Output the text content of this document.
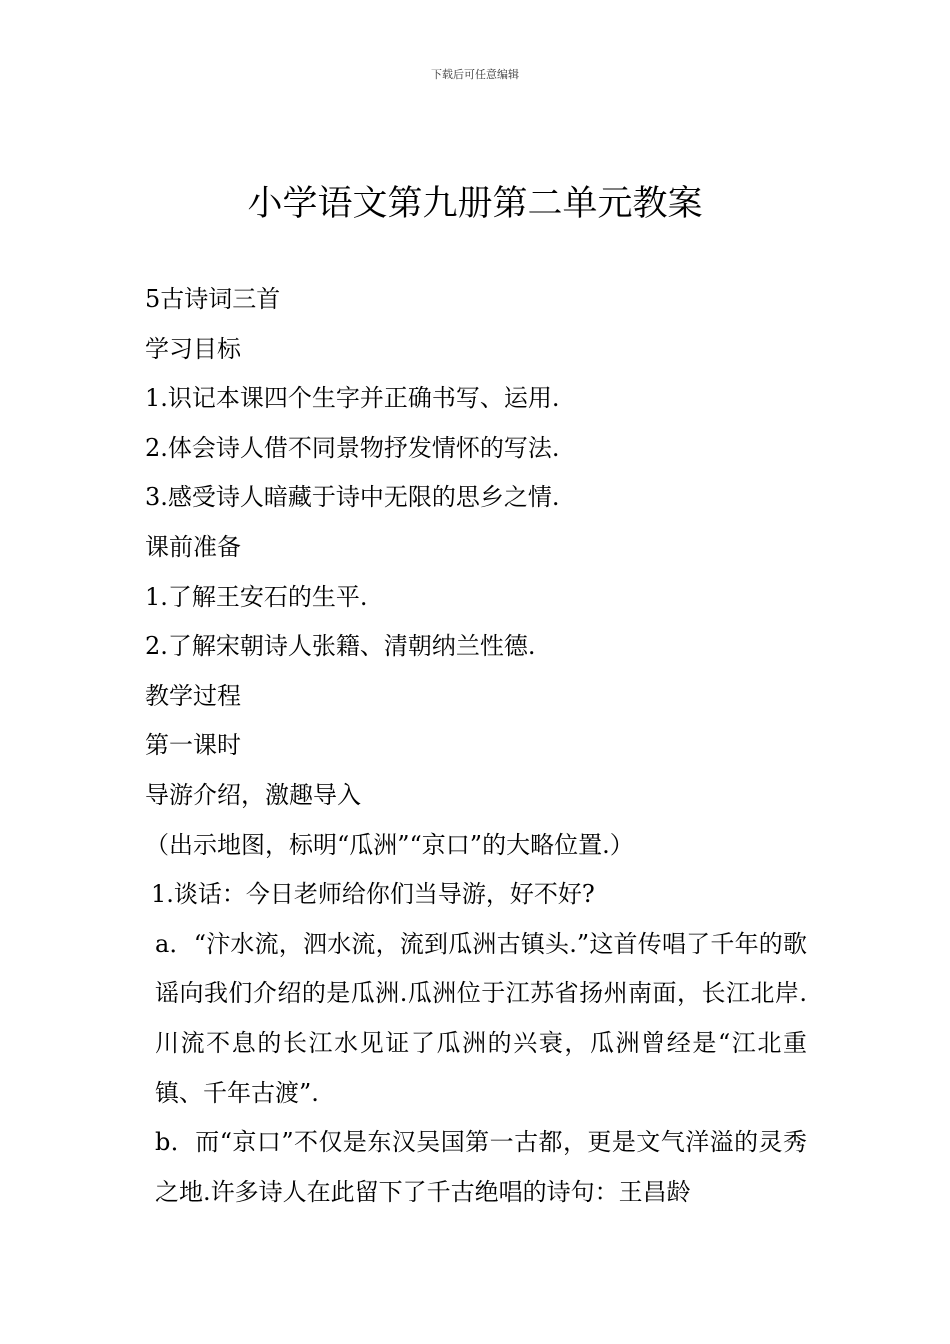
下载后可任意编辑
小学语文第九册第二单元教案
5古诗词三首
学习目标
1.识记本课四个生字并正确书写、运用.
2.体会诗人借不同景物抒发情怀的写法.
3.感受诗人暗藏于诗中无限的思乡之情.
课前准备
1.了解王安石的生平.
2.了解宋朝诗人张籍、清朝纳兰性德.
教学过程
第一课时
导游介绍，激趣导入
（出示地图，标明“瓜洲”“京口”的大略位置.）
1.谈话：今日老师给你们当导游，好不好?
a．“汴水流，泗水流，流到瓜洲古镇头.”这首传唱了千年的歌谣向我们介绍的是瓜洲.瓜洲位于江苏省扬州南面，长江北岸.川流不息的长江水见证了瓜洲的兴衰，瓜洲曾经是“江北重镇、千年古渡”.
b．而“京口”不仅是东汉吴国第一古都，更是文气洋溢的灵秀之地.许多诗人在此留下了千古绝唱的诗句：王昌龄
